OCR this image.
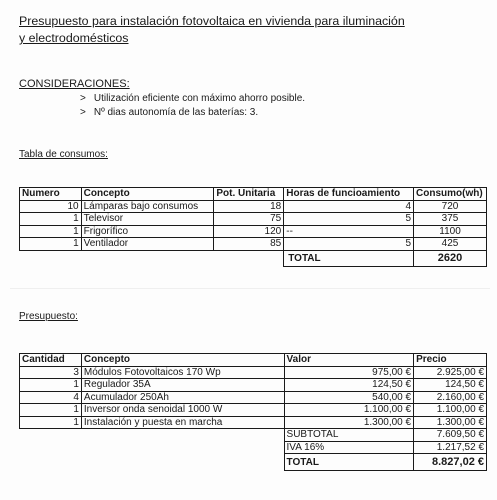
Presupuesto para instalación fotovoltaica en vivienda para iluminación
y electrodomésticos
CONSIDERACIONES:
> Utilización eficiente con máximo ahorro posible.
> Nº dias autonomía de las baterías: 3.
Tabla de consumos:
Numero	Concepto	Pot. Unitaria	Horas de funcioamiento	Consumo(wh)
10	Lámparas bajo consumos	18	4	720
1	Televisor	75	5	375
1	Frigorífico	120	--	1100
1	Ventilador	85	5	425
			TOTAL	2620
Presupuesto:
Cantidad	Concepto	Valor	Precio
3	Módulos Fotovoltaicos 170 Wp	975,00 €	2.925,00 €
1	Regulador 35A	124,50 €	124,50 €
4	Acumulador 250Ah	540,00 €	2.160,00 €
1	Inversor onda senoidal 1000 W	1.100,00 €	1.100,00 €
1	Instalación y puesta en marcha	1.300,00 €	1.300,00 €
		SUBTOTAL	7.609,50 €
		IVA 16%	1.217,52 €
		TOTAL	8.827,02 €
